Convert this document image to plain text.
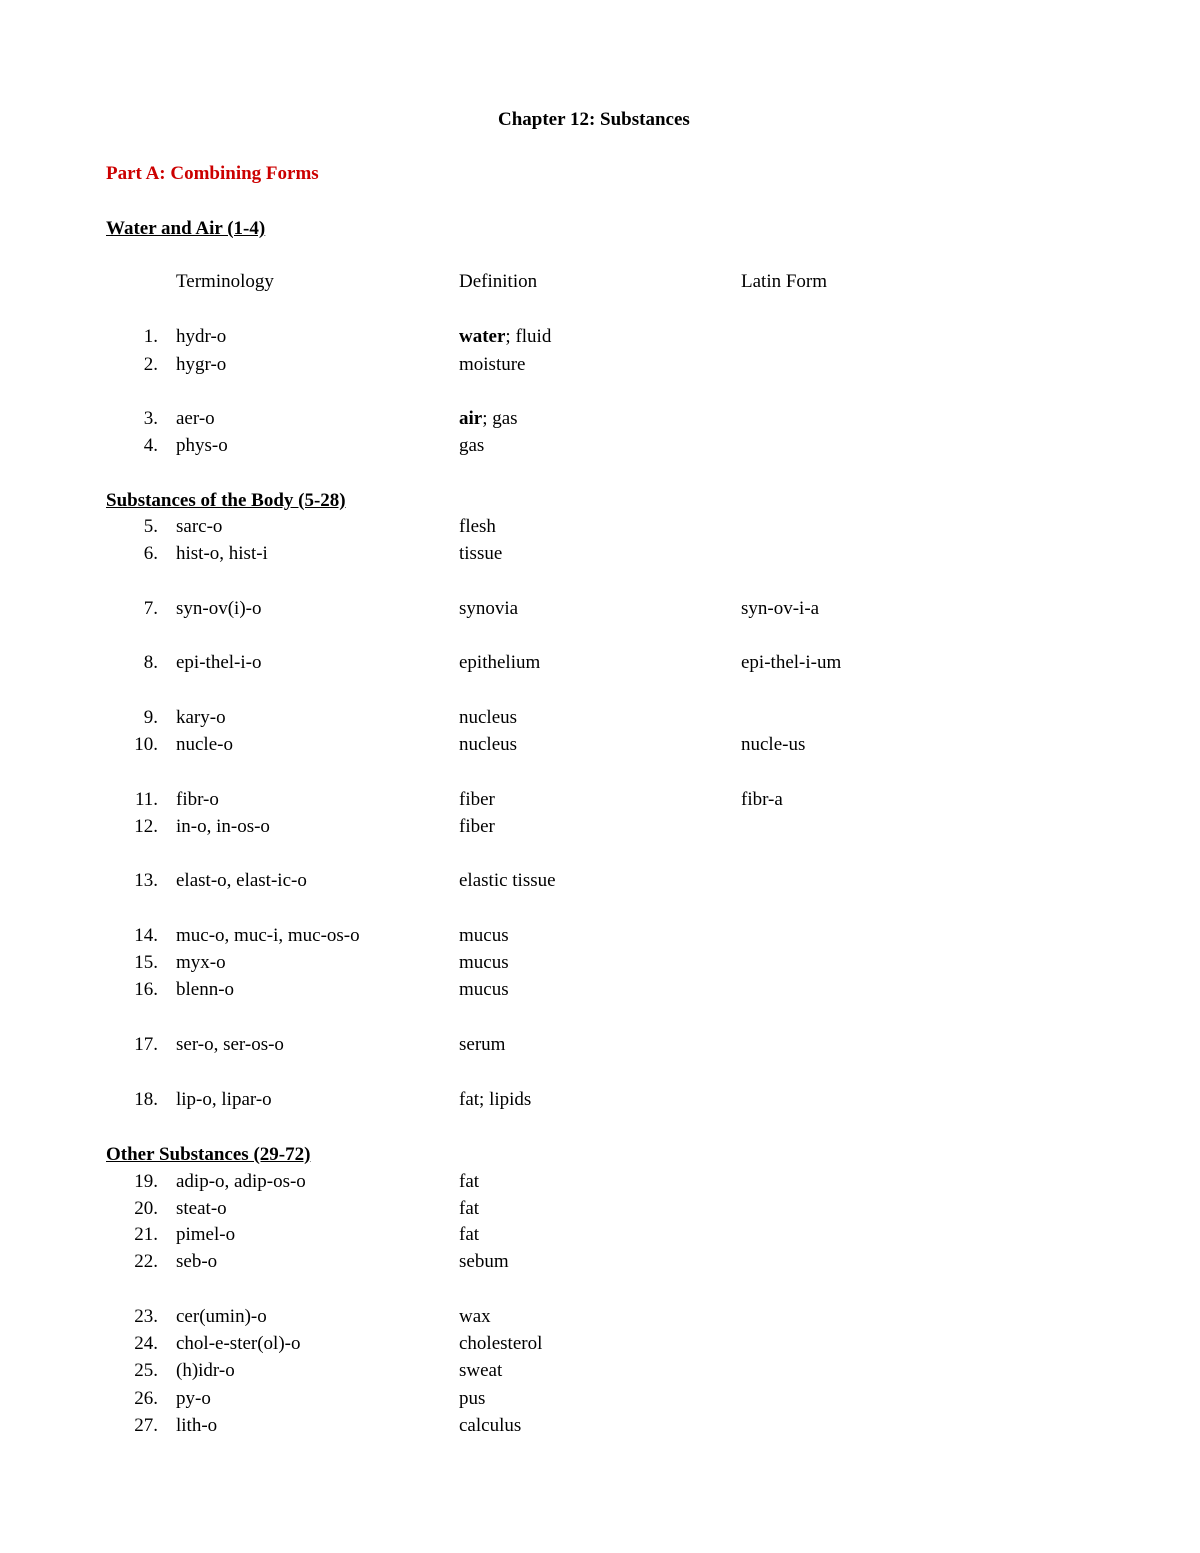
Chapter 12: Substances
Part A: Combining Forms
Water and Air (1-4)
Substances of the Body (5-28)
Other Substances (29-72)
Terminology	Definition	Latin Form
1. hydr-o	water; fluid
2. hygr-o	moisture
3. aer-o	air; gas
4. phys-o	gas
5. sarc-o	flesh
6. hist-o, hist-i	tissue
7. syn-ov(i)-o	synovia	syn-ov-i-a
8. epi-thel-i-o	epithelium	epi-thel-i-um
9. kary-o	nucleus
10. nucle-o	nucleus	nucle-us
11. fibr-o	fiber	fibr-a
12. in-o, in-os-o	fiber
13. elast-o, elast-ic-o	elastic tissue
14. muc-o, muc-i, muc-os-o	mucus
15. myx-o	mucus
16. blenn-o	mucus
17. ser-o, ser-os-o	serum
18. lip-o, lipar-o	fat; lipids
19. adip-o, adip-os-o	fat
20. steat-o	fat
21. pimel-o	fat
22. seb-o	sebum
23. cer(umin)-o	wax
24. chol-e-ster(ol)-o	cholesterol
25. (h)idr-o	sweat
26. py-o	pus
27. lith-o	calculus
